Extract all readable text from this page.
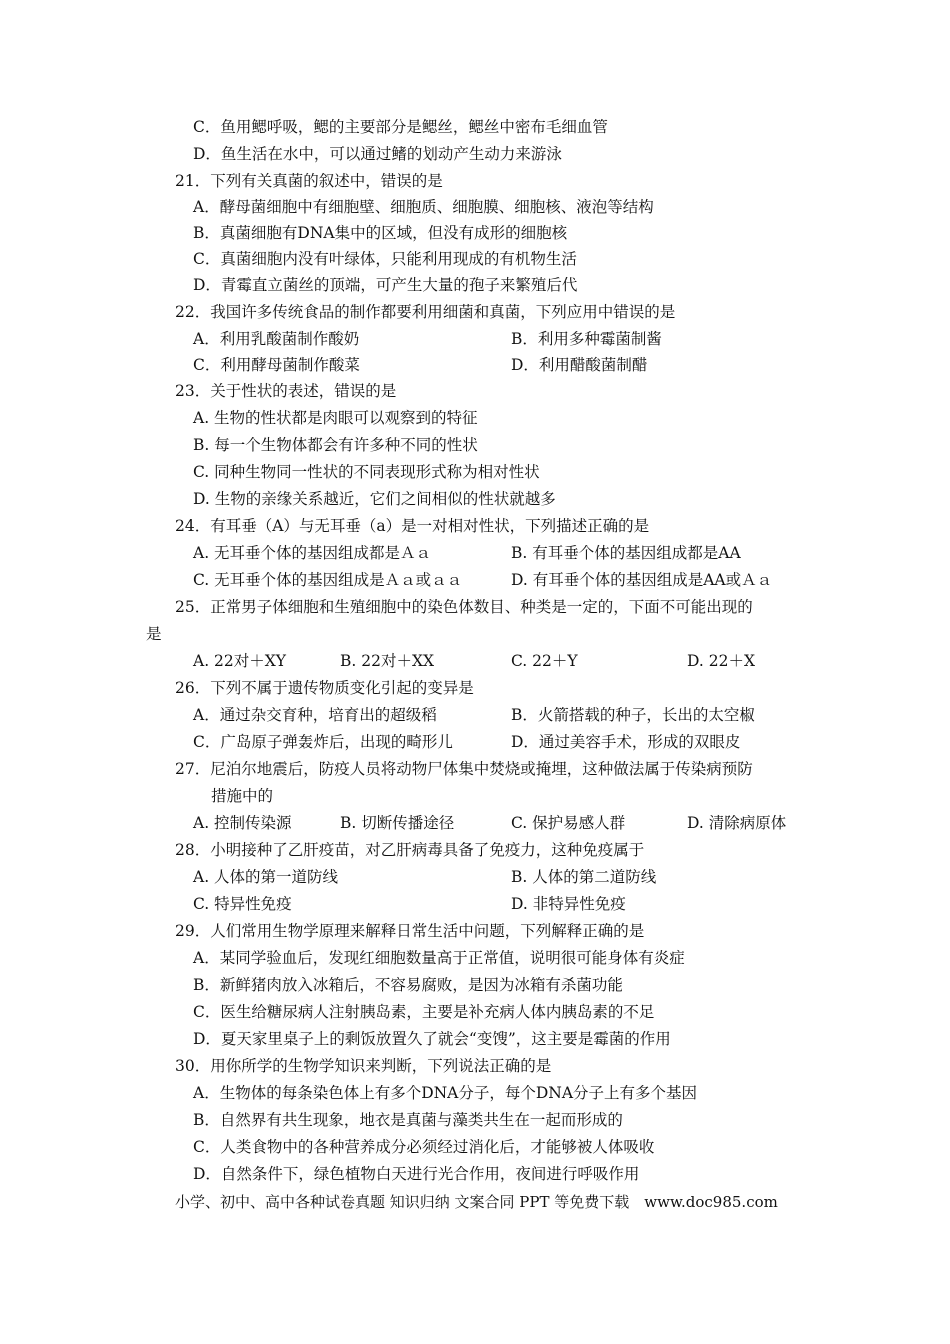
C．鱼用鳃呼吸，鳃的主要部分是鳃丝，鳃丝中密布毛细血管
D．鱼生活在水中，可以通过鳍的划动产生动力来游泳
21．下列有关真菌的叙述中，错误的是
A．酵母菌细胞中有细胞壁、细胞质、细胞膜、细胞核、液泡等结构
B．真菌细胞有DNA集中的区域，但没有成形的细胞核
C．真菌细胞内没有叶绿体，只能利用现成的有机物生活
D．青霉直立菌丝的顶端，可产生大量的孢子来繁殖后代
22．我国许多传统食品的制作都要利用细菌和真菌，下列应用中错误的是
A．利用乳酸菌制作酸奶	B．利用多种霉菌制酱
C．利用酵母菌制作酸菜	D．利用醋酸菌制醋
23．关于性状的表述，错误的是
A. 生物的性状都是肉眼可以观察到的特征
B. 每一个生物体都会有许多种不同的性状
C. 同种生物同一性状的不同表现形式称为相对性状
D. 生物的亲缘关系越近，它们之间相似的性状就越多
24．有耳垂（A）与无耳垂（a）是一对相对性状，下列描述正确的是
A. 无耳垂个体的基因组成都是Ａａ	B. 有耳垂个体的基因组成都是AA
C. 无耳垂个体的基因组成是Ａａ或ａａ	D. 有耳垂个体的基因组成是AA或Ａａ
25．正常男子体细胞和生殖细胞中的染色体数目、种类是一定的，下面不可能出现的
是
A. 22对＋XY	B. 22对＋XX	C. 22＋Y	D. 22＋X
26．下列不属于遗传物质变化引起的变异是
A．通过杂交育种，培育出的超级稻	B．火箭搭载的种子，长出的太空椒
C．广岛原子弹轰炸后，出现的畸形儿	D．通过美容手术，形成的双眼皮
27．尼泊尔地震后，防疫人员将动物尸体集中焚烧或掩埋，这种做法属于传染病预防
措施中的
A. 控制传染源	B. 切断传播途径	C. 保护易感人群	D. 清除病原体
28．小明接种了乙肝疫苗，对乙肝病毒具备了免疫力，这种免疫属于
A. 人体的第一道防线	B. 人体的第二道防线
C. 特异性免疫	D. 非特异性免疫
29．人们常用生物学原理来解释日常生活中问题，下列解释正确的是
A．某同学验血后，发现红细胞数量高于正常值，说明很可能身体有炎症
B．新鲜猪肉放入冰箱后，不容易腐败，是因为冰箱有杀菌功能
C．医生给糖尿病人注射胰岛素，主要是补充病人体内胰岛素的不足
D．夏天家里桌子上的剩饭放置久了就会“变馊”，这主要是霉菌的作用
30．用你所学的生物学知识来判断，下列说法正确的是
A．生物体的每条染色体上有多个DNA分子，每个DNA分子上有多个基因
B．自然界有共生现象，地衣是真菌与藻类共生在一起而形成的
C．人类食物中的各种营养成分必须经过消化后，才能够被人体吸收
D．自然条件下，绿色植物白天进行光合作用，夜间进行呼吸作用
小学、初中、高中各种试卷真题 知识归纳 文案合同 PPT 等免费下载　www.doc985.com
